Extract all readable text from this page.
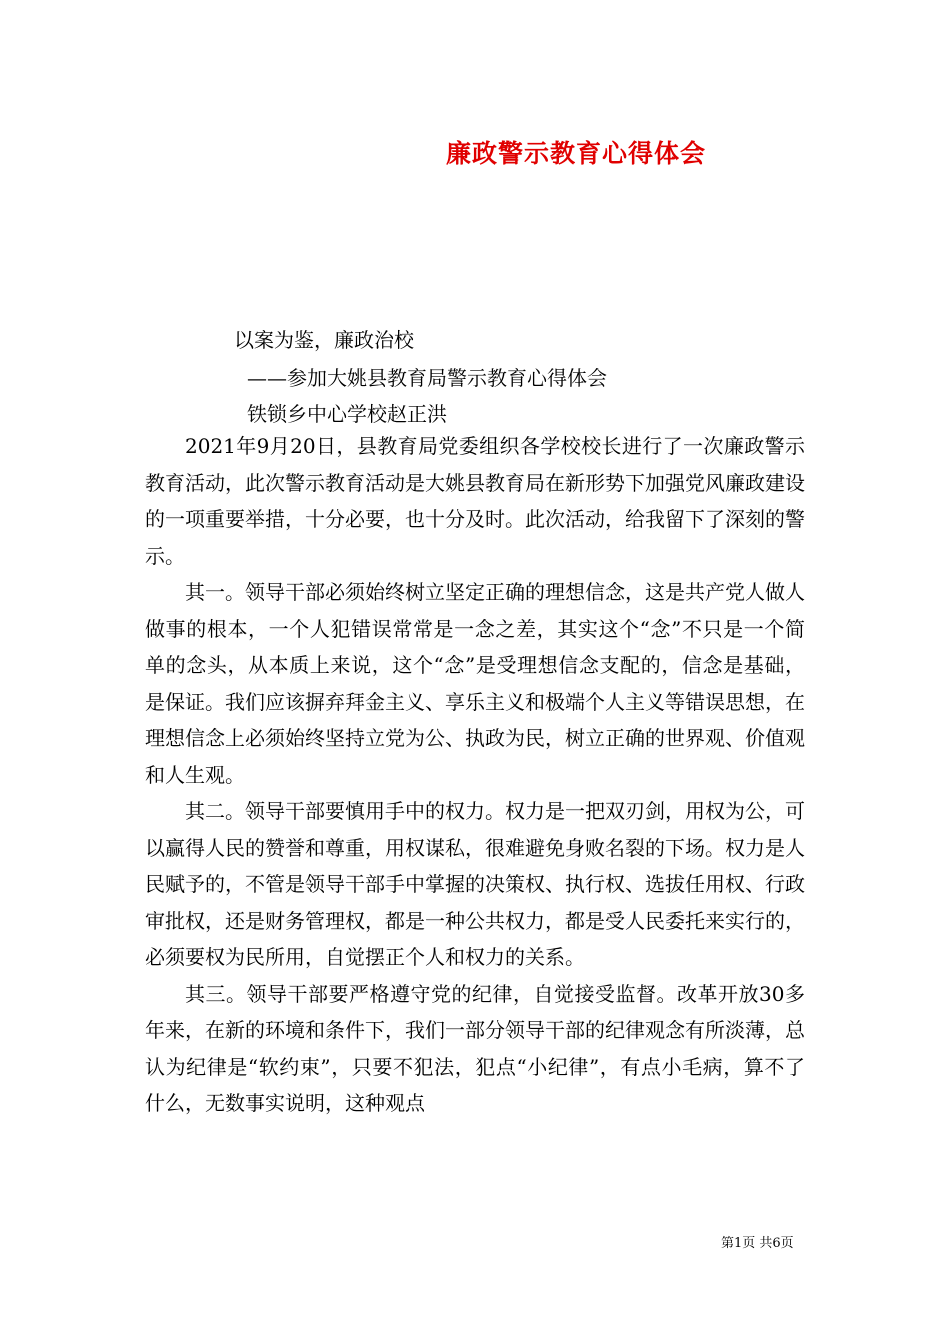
廉政警示教育心得体会
以案为鉴，廉政治校
——参加大姚县教育局警示教育心得体会
铁锁乡中心学校赵正洪

2021年9月20日，县教育局党委组织各学校校长进行了一次廉政警示教育活动，此次警示教育活动是大姚县教育局在新形势下加强党风廉政建设的一项重要举措，十分必要，也十分及时。此次活动，给我留下了深刻的警示。

其一。领导干部必须始终树立坚定正确的理想信念，这是共产党人做人做事的根本，一个人犯错误常常是一念之差，其实这个“念”不只是一个简单的念头，从本质上来说，这个“念”是受理想信念支配的，信念是基础，是保证。我们应该摒弃拜金主义、享乐主义和极端个人主义等错误思想，在理想信念上必须始终坚持立党为公、执政为民，树立正确的世界观、价值观和人生观。

其二。领导干部要慎用手中的权力。权力是一把双刃剑，用权为公，可以赢得人民的赞誉和尊重，用权谋私，很难避免身败名裂的下场。权力是人民赋予的，不管是领导干部手中掌握的决策权、执行权、选拔任用权、行政审批权，还是财务管理权，都是一种公共权力，都是受人民委托来实行的，必须要权为民所用，自觉摆正个人和权力的关系。

其三。领导干部要严格遵守党的纪律，自觉接受监督。改革开放30多年来，在新的环境和条件下，我们一部分领导干部的纪律观念有所淡薄，总认为纪律是“软约束”，只要不犯法，犯点“小纪律”，有点小毛病，算不了什么，无数事实说明，这种观点

第1页 共6页
